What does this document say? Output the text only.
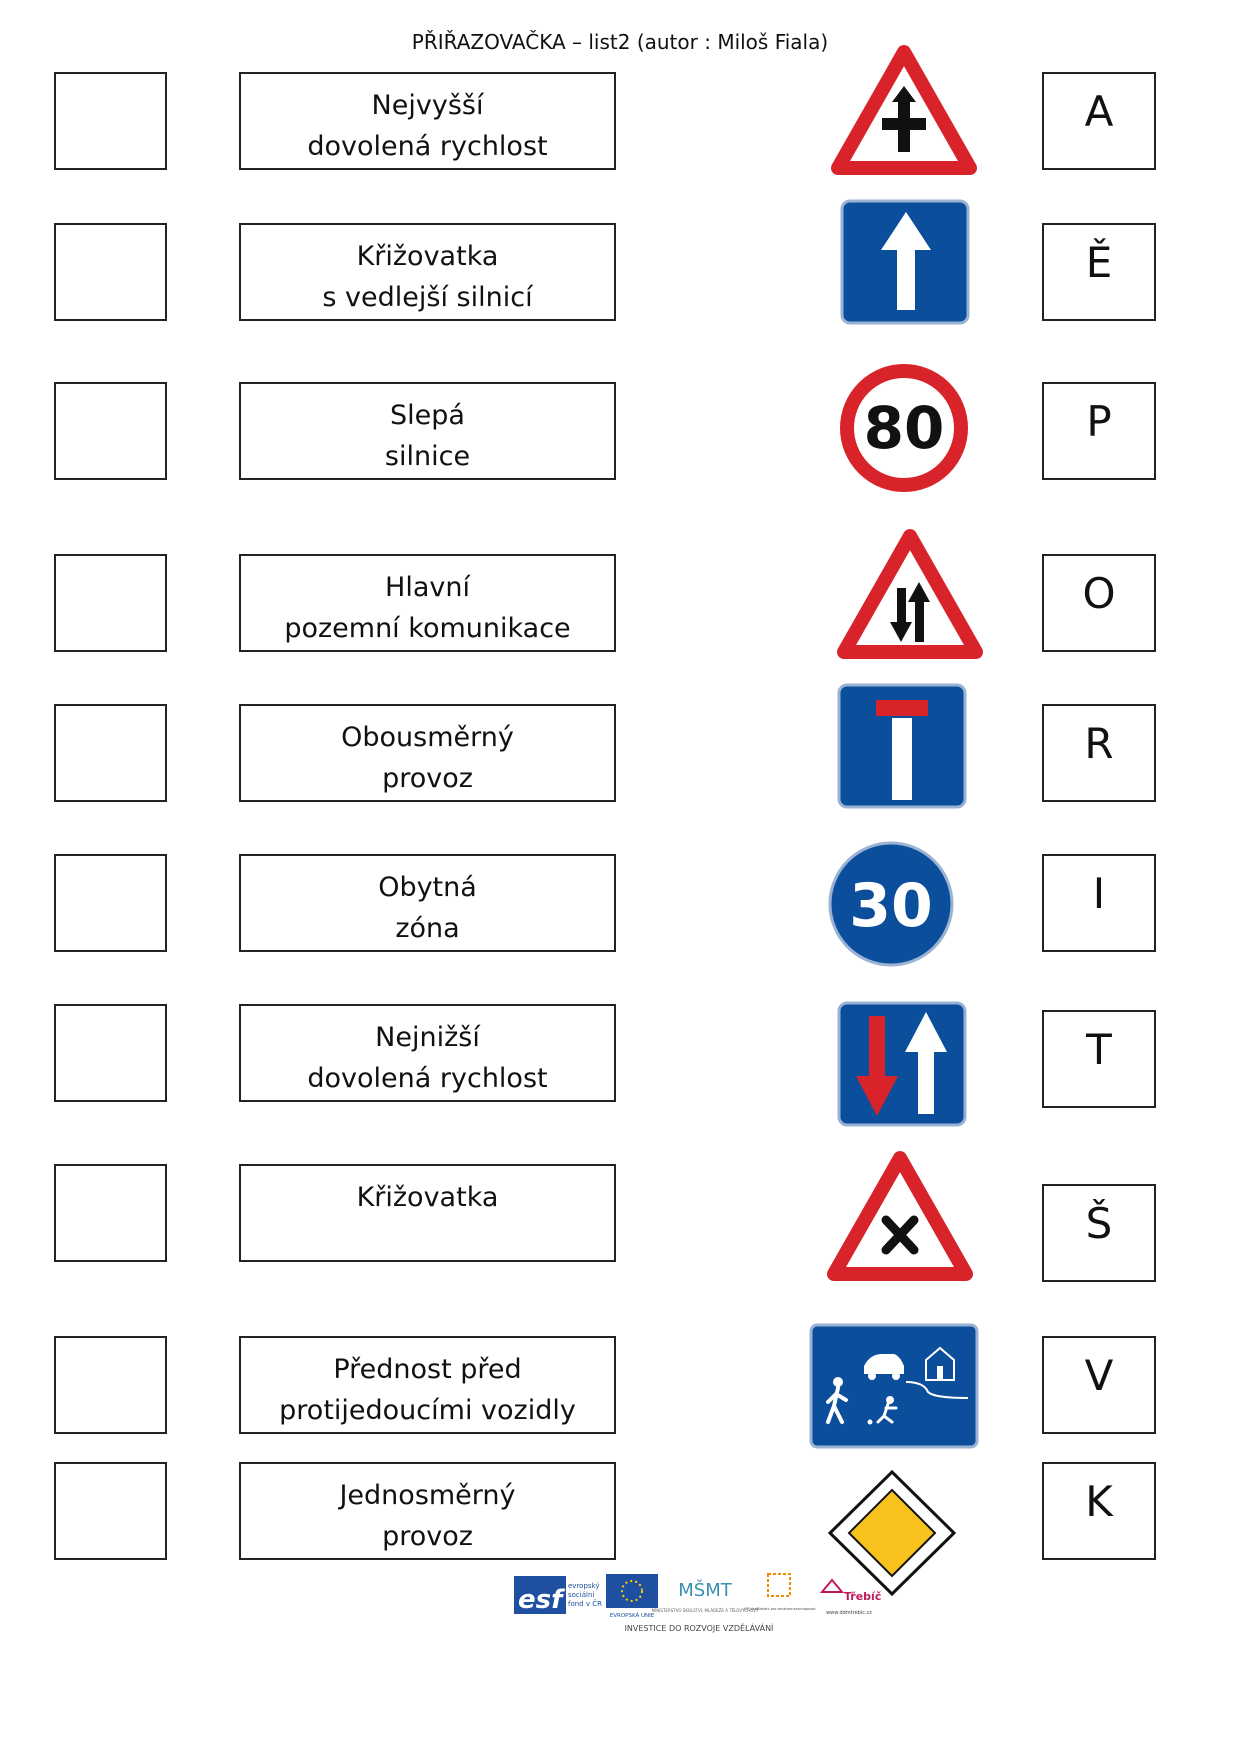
PŘIŘAZOVAČKA – list2 (autor : Miloš Fiala)
Nejvyšší
dovolená rychlost
A
Křižovatka
s vedlejší silnicí
Ě
Slepá
silnice
P
80
Hlavní
pozemní komunikace
O
Obousměrný
provoz
R
Obytná
zóna
I
30
Nejnižší
dovolená rychlost
T
Křižovatka
Š
Přednost před
protijedoucími vozidly
V
Jednosměrný
provoz
K
esf evropský
sociální
fond v ČR
EVROPSKÁ UNIE
MŠMT
MINISTERSTVO ŠKOLSTVÍ, MLÁDEŽE A TĚLOVÝCHOVY
OP Vzdělávání pro konkurenceschopnost
Třebíč
www.ddmtrebic.cz
INVESTICE DO ROZVOJE VZDĚLÁVÁNÍ
